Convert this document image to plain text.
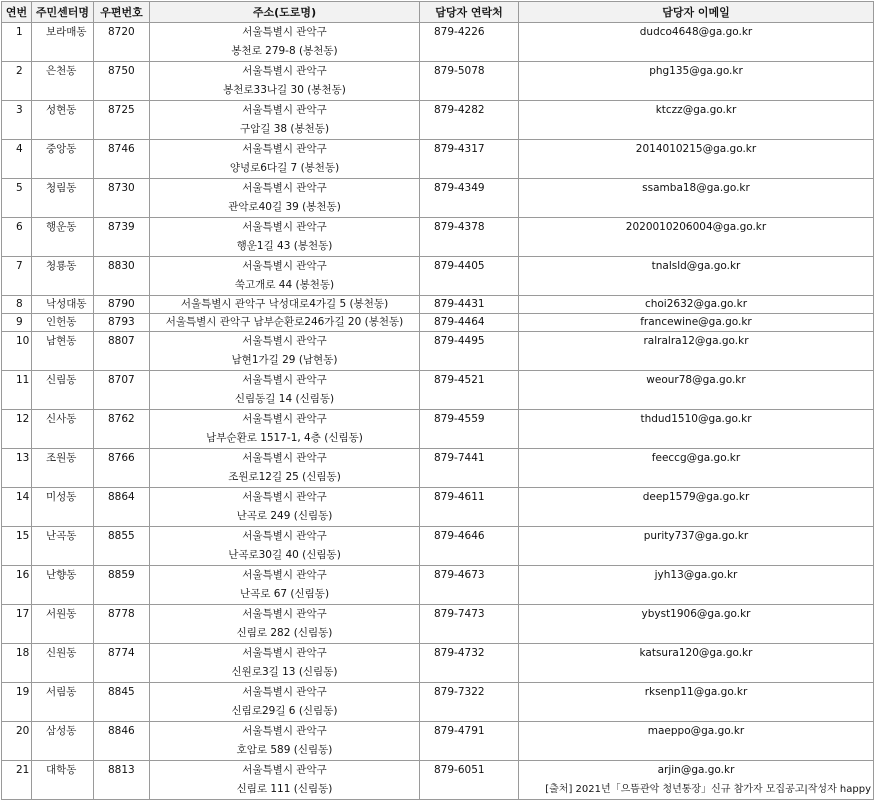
연번	주민센터명	우편번호	주소(도로명)	담당자 연락처	담당자 이메일

1	보라매동	8720	서울특별시 관악구
봉천로 279-8 (봉천동)	879-4226	dudco4648@ga.go.kr

2	은천동	8750	서울특별시 관악구
봉천로33나길 30 (봉천동)	879-5078	phg135@ga.go.kr

3	성현동	8725	서울특별시 관악구
구암길 38 (봉천동)	879-4282	ktczz@ga.go.kr

4	중앙동	8746	서울특별시 관악구
양녕로6다길 7 (봉천동)	879-4317	2014010215@ga.go.kr

5	청림동	8730	서울특별시 관악구
관악로40길 39 (봉천동)	879-4349	ssamba18@ga.go.kr

6	행운동	8739	서울특별시 관악구
행운1길 43 (봉천동)	879-4378	2020010206004@ga.go.kr

7	청룡동	8830	서울특별시 관악구
쑥고개로 44 (봉천동)	879-4405	tnalsld@ga.go.kr

8	낙성대동	8790	서울특별시 관악구 낙성대로4가길 5 (봉천동)	879-4431	choi2632@ga.go.kr

9	인헌동	8793	서울특별시 관악구 남부순환로246가길 20 (봉천동)	879-4464	francewine@ga.go.kr

10	남현동	8807	서울특별시 관악구
남현1가길 29 (남현동)	879-4495	ralralra12@ga.go.kr

11	신림동	8707	서울특별시 관악구
신림동길 14 (신림동)	879-4521	weour78@ga.go.kr

12	신사동	8762	서울특별시 관악구
남부순환로 1517-1, 4층 (신림동)	879-4559	thdud1510@ga.go.kr

13	조원동	8766	서울특별시 관악구
조원로12길 25 (신림동)	879-7441	feeccg@ga.go.kr

14	미성동	8864	서울특별시 관악구
난곡로 249 (신림동)	879-4611	deep1579@ga.go.kr

15	난곡동	8855	서울특별시 관악구
난곡로30길 40 (신림동)	879-4646	purity737@ga.go.kr

16	난향동	8859	서울특별시 관악구
난곡로 67 (신림동)	879-4673	jyh13@ga.go.kr

17	서원동	8778	서울특별시 관악구
신림로 282 (신림동)	879-7473	ybyst1906@ga.go.kr

18	신원동	8774	서울특별시 관악구
신원로3길 13 (신림동)	879-4732	katsura120@ga.go.kr

19	서림동	8845	서울특별시 관악구
신림로29길 6 (신림동)	879-7322	rksenp11@ga.go.kr

20	삼성동	8846	서울특별시 관악구
호암로 589 (신림동)	879-4791	maeppo@ga.go.kr

21	대학동	8813	서울특별시 관악구
신림로 111 (신림동)	879-6051	arjin@ga.go.kr
[출처] 2021년「으뜸관악 청년통장」신규 참가자 모집공고|작성자 happy
